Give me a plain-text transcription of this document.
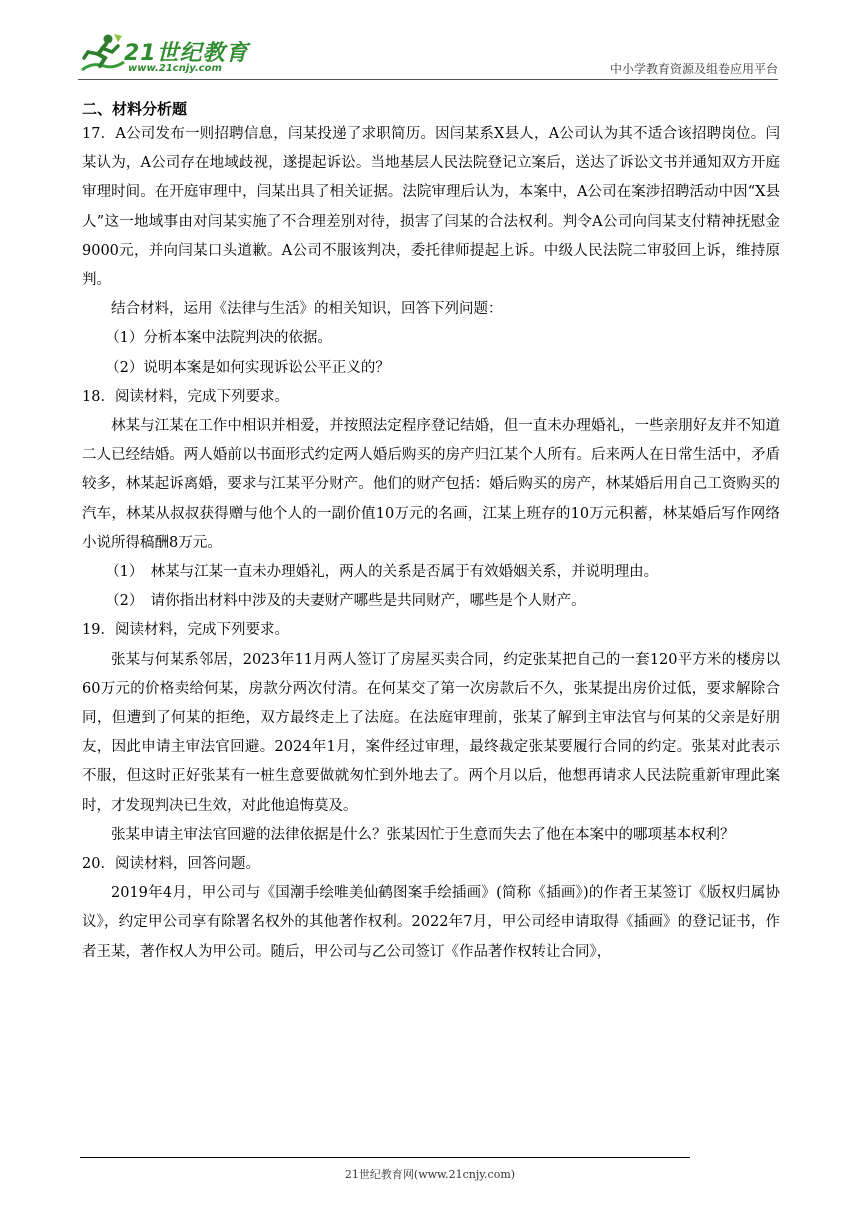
21世纪教育
www.21cnjy.com	中小学教育资源及组卷应用平台
二、材料分析题

17．A公司发布一则招聘信息，闫某投递了求职简历。因闫某系X县人，A公司认为其不适合该招聘岗位。闫某认为，A公司存在地域歧视，遂提起诉讼。当地基层人民法院登记立案后，送达了诉讼文书并通知双方开庭审理时间。在开庭审理中，闫某出具了相关证据。法院审理后认为，本案中，A公司在案涉招聘活动中因“X县人”这一地域事由对闫某实施了不合理差别对待，损害了闫某的合法权利。判令A公司向闫某支付精神抚慰金9000元，并向闫某口头道歉。A公司不服该判决，委托律师提起上诉。中级人民法院二审驳回上诉，维持原判。

结合材料，运用《法律与生活》的相关知识，回答下列问题：

（1）分析本案中法院判决的依据。

（2）说明本案是如何实现诉讼公平正义的？

18．阅读材料，完成下列要求。

林某与江某在工作中相识并相爱，并按照法定程序登记结婚，但一直未办理婚礼，一些亲朋好友并不知道二人已经结婚。两人婚前以书面形式约定两人婚后购买的房产归江某个人所有。后来两人在日常生活中，矛盾较多，林某起诉离婚，要求与江某平分财产。他们的财产包括：婚后购买的房产，林某婚后用自己工资购买的汽车，林某从叔叔获得赠与他个人的一副价值10万元的名画，江某上班存的10万元积蓄，林某婚后写作网络小说所得稿酬8万元。

（1）　林某与江某一直未办理婚礼，两人的关系是否属于有效婚姻关系，并说明理由。

（2）　请你指出材料中涉及的夫妻财产哪些是共同财产，哪些是个人财产。

19．阅读材料，完成下列要求。

张某与何某系邻居，2023年11月两人签订了房屋买卖合同，约定张某把自己的一套120平方米的楼房以60万元的价格卖给何某，房款分两次付清。在何某交了第一次房款后不久，张某提出房价过低，要求解除合同，但遭到了何某的拒绝，双方最终走上了法庭。在法庭审理前，张某了解到主审法官与何某的父亲是好朋友，因此申请主审法官回避。2024年1月，案件经过审理，最终裁定张某要履行合同的约定。张某对此表示不服，但这时正好张某有一桩生意要做就匆忙到外地去了。两个月以后，他想再请求人民法院重新审理此案时，才发现判决已生效，对此他追悔莫及。

张某申请主审法官回避的法律依据是什么？张某因忙于生意而失去了他在本案中的哪项基本权利？

20．阅读材料，回答问题。

2019年4月，甲公司与《国潮手绘唯美仙鹤图案手绘插画》(简称《插画》)的作者王某签订《版权归属协议》，约定甲公司享有除署名权外的其他著作权利。2022年7月，甲公司经申请取得《插画》的登记证书，作者王某，著作权人为甲公司。随后，甲公司与乙公司签订《作品著作权转让合同》，

21世纪教育网(www.21cnjy.com)
